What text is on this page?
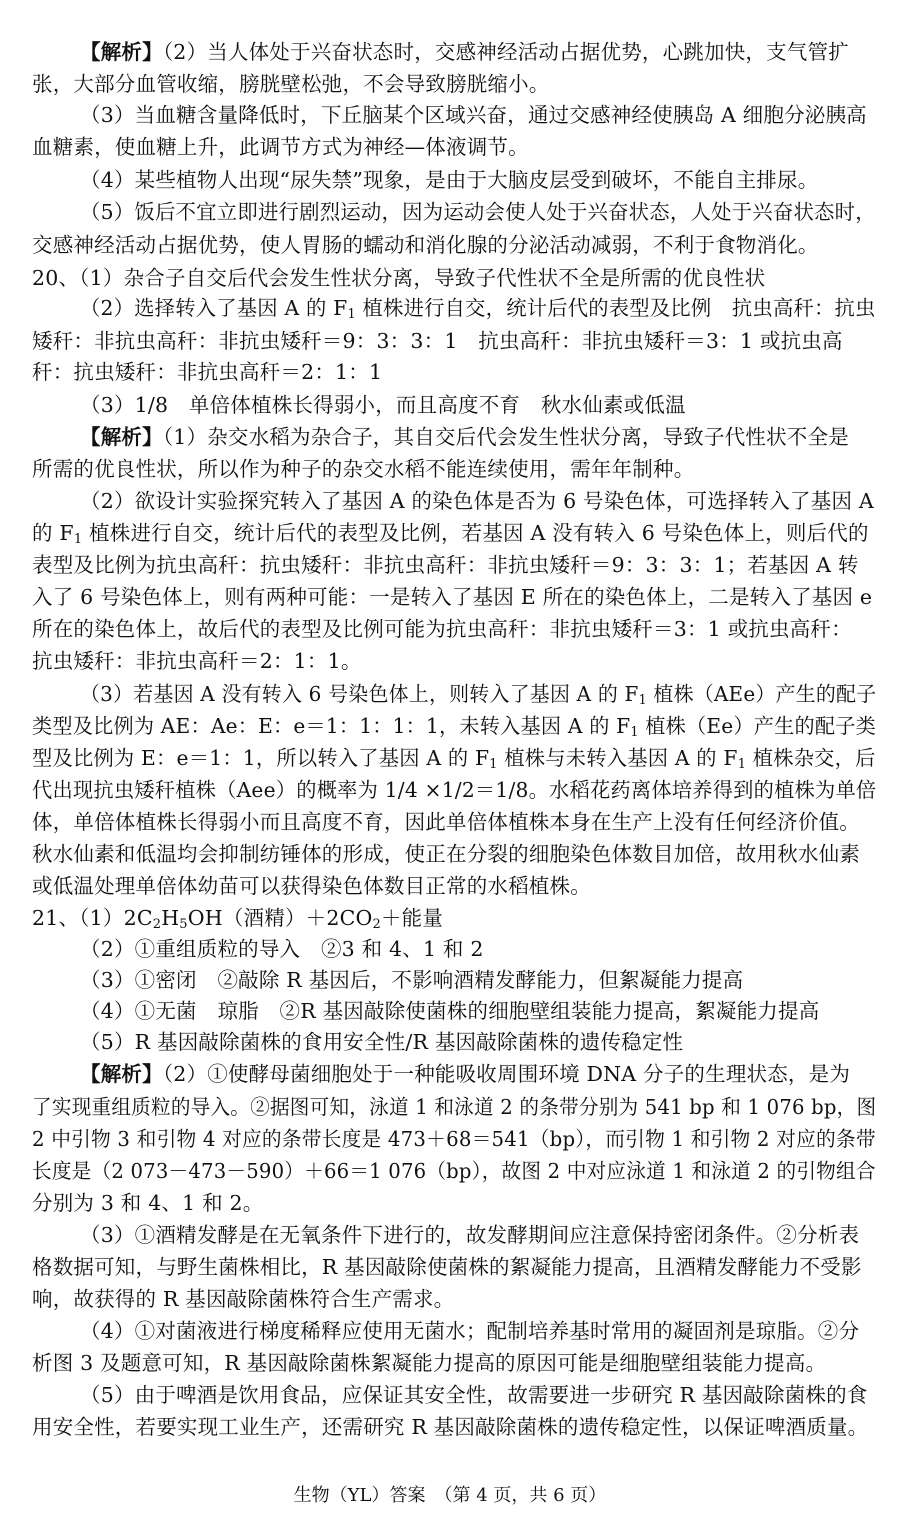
【解析】（2）当人体处于兴奋状态时，交感神经活动占据优势，心跳加快，支气管扩
张，大部分血管收缩，膀胱壁松弛，不会导致膀胱缩小。
（3）当血糖含量降低时，下丘脑某个区域兴奋，通过交感神经使胰岛 A 细胞分泌胰高
血糖素，使血糖上升，此调节方式为神经—体液调节。
（4）某些植物人出现“尿失禁”现象，是由于大脑皮层受到破坏，不能自主排尿。
（5）饭后不宜立即进行剧烈运动，因为运动会使人处于兴奋状态，人处于兴奋状态时，
交感神经活动占据优势，使人胃肠的蠕动和消化腺的分泌活动减弱，不利于食物消化。
20、（1）杂合子自交后代会发生性状分离，导致子代性状不全是所需的优良性状
（2）选择转入了基因 A 的 $F_1$ 植株进行自交，统计后代的表型及比例　抗虫高秆：抗虫
矮秆：非抗虫高秆：非抗虫矮秆＝9：3：3：1　抗虫高秆：非抗虫矮秆＝3：1 或抗虫高
秆：抗虫矮秆：非抗虫高秆＝2：1：1
（3）1/8　单倍体植株长得弱小，而且高度不育　秋水仙素或低温
【解析】（1）杂交水稻为杂合子，其自交后代会发生性状分离，导致子代性状不全是
所需的优良性状，所以作为种子的杂交水稻不能连续使用，需年年制种。
（2）欲设计实验探究转入了基因 A 的染色体是否为 6 号染色体，可选择转入了基因 A
的 $F_1$ 植株进行自交，统计后代的表型及比例，若基因 A 没有转入 6 号染色体上，则后代的
表型及比例为抗虫高秆：抗虫矮秆：非抗虫高秆：非抗虫矮秆＝9：3：3：1；若基因 A 转
入了 6 号染色体上，则有两种可能：一是转入了基因 E 所在的染色体上，二是转入了基因 e
所在的染色体上，故后代的表型及比例可能为抗虫高秆：非抗虫矮秆＝3：1 或抗虫高秆：
抗虫矮秆：非抗虫高秆＝2：1：1。
（3）若基因 A 没有转入 6 号染色体上，则转入了基因 A 的 $F_1$ 植株（AEe）产生的配子
类型及比例为 AE：Ae：E：e＝1：1：1：1，未转入基因 A 的 $F_1$ 植株（Ee）产生的配子类
型及比例为 E：e＝1：1，所以转入了基因 A 的 $F_1$ 植株与未转入基因 A 的 $F_1$ 植株杂交，后
代出现抗虫矮秆植株（Aee）的概率为 1/4 ×1/2＝1/8。水稻花药离体培养得到的植株为单倍
体，单倍体植株长得弱小而且高度不育，因此单倍体植株本身在生产上没有任何经济价值。
秋水仙素和低温均会抑制纺锤体的形成，使正在分裂的细胞染色体数目加倍，故用秋水仙素
或低温处理单倍体幼苗可以获得染色体数目正常的水稻植株。
21、$(1)2C_2H_5OH$（酒精）$+2CO_2+$能量
（2）①重组质粒的导入　②3 和 4、1 和 2
（3）①密闭　②敲除 R 基因后，不影响酒精发酵能力，但絮凝能力提高
（4）①无菌　琼脂　②R 基因敲除使菌株的细胞壁组装能力提高，絮凝能力提高
（5）R 基因敲除菌株的食用安全性/R 基因敲除菌株的遗传稳定性
【解析】（2）①使酵母菌细胞处于一种能吸收周围环境 DNA 分子的生理状态，是为
了实现重组质粒的导入。②据图可知，泳道 1 和泳道 2 的条带分别为 541 bp 和 1 076 bp，图
2 中引物 3 和引物 4 对应的条带长度是 473＋68＝541（bp），而引物 1 和引物 2 对应的条带
长度是（2 073－473－590）＋66＝1 076（bp），故图 2 中对应泳道 1 和泳道 2 的引物组合
分别为 3 和 4、1 和 2。
（3）①酒精发酵是在无氧条件下进行的，故发酵期间应注意保持密闭条件。②分析表
格数据可知，与野生菌株相比，R 基因敲除使菌株的絮凝能力提高，且酒精发酵能力不受影
响，故获得的 R 基因敲除菌株符合生产需求。
（4）①对菌液进行梯度稀释应使用无菌水；配制培养基时常用的凝固剂是琼脂。②分
析图 3 及题意可知，R 基因敲除菌株絮凝能力提高的原因可能是细胞壁组装能力提高。
（5）由于啤酒是饮用食品，应保证其安全性，故需要进一步研究 R 基因敲除菌株的食
用安全性，若要实现工业生产，还需研究 R 基因敲除菌株的遗传稳定性，以保证啤酒质量。
生物（YL）答案　（第 4 页，共 6 页）
